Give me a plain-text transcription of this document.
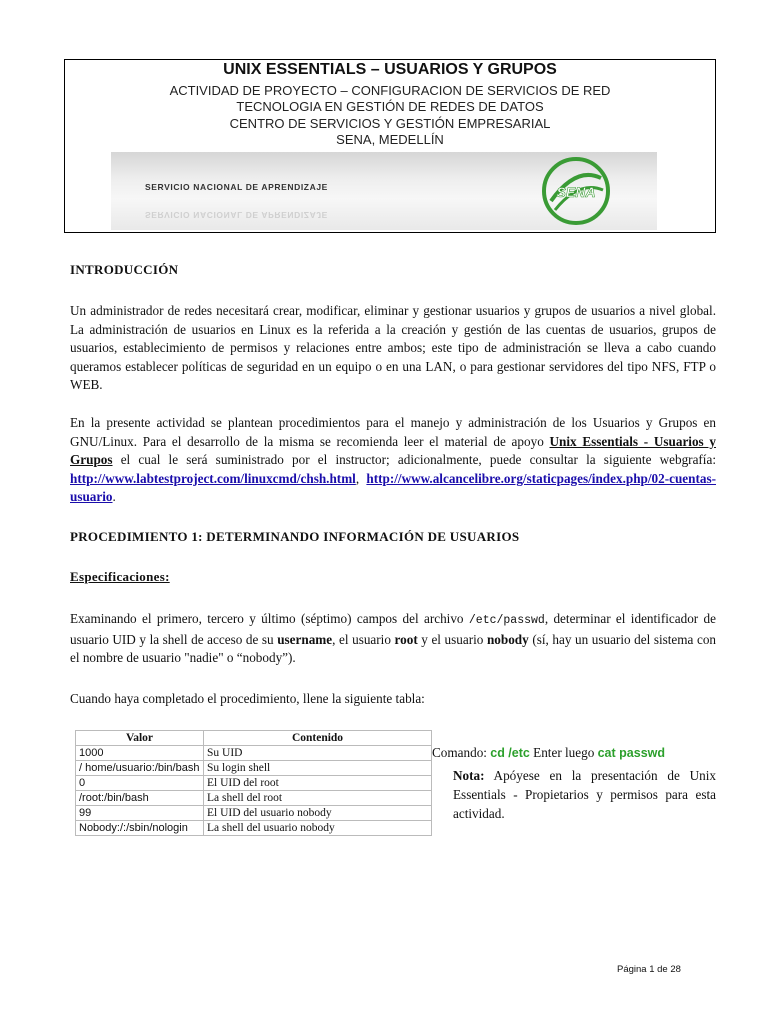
UNIX ESSENTIALS – USUARIOS Y GRUPOS
ACTIVIDAD DE PROYECTO – CONFIGURACION DE SERVICIOS DE RED
TECNOLOGIA EN GESTIÓN DE REDES DE DATOS
CENTRO DE SERVICIOS Y GESTIÓN EMPRESARIAL
SENA, MEDELLÍN
SERVICIO NACIONAL DE APRENDIZAJE
SERVICIO NACIONAL DE APRENDIZAJE
SENA
INTRODUCCIÓN

Un administrador de redes necesitará crear, modificar, eliminar y gestionar usuarios y grupos de usuarios a nivel global. La administración de usuarios en Linux es la referida a la creación y gestión de las cuentas de usuarios, grupos de usuarios, establecimiento de permisos y relaciones entre ambos; este tipo de administración se lleva a cabo cuando queramos establecer políticas de seguridad en un equipo o en una LAN, o para gestionar servidores del tipo NFS, FTP o WEB.

En la presente actividad se plantean procedimientos para el manejo y administración de los Usuarios y Grupos en GNU/Linux. Para el desarrollo de la misma se recomienda leer el material de apoyo Unix Essentials - Usuarios y Grupos el cual le será suministrado por el instructor; adicionalmente, puede consultar la siguiente webgrafía: http://www.labtestproject.com/linuxcmd/chsh.html, http://www.alcancelibre.org/staticpages/index.php/02-cuentas-usuario.

PROCEDIMIENTO 1: DETERMINANDO INFORMACIÓN DE USUARIOS
Especificaciones:

Examinando el primero, tercero y último (séptimo) campos del archivo /etc/passwd, determinar el identificador de usuario UID y la shell de acceso de su username, el usuario root y el usuario nobody (sí, hay un usuario del sistema con el nombre de usuario "nadie" o “nobody”).

Cuando haya completado el procedimiento, llene la siguiente tabla:

Valor	Contenido
1000	Su UID
/ home/usuario:/bin/bash	Su login shell
0	El UID del root
/root:/bin/bash	La shell del root
99	El UID del usuario nobody
Nobody:/:/sbin/nologin	La shell del usuario nobody
Comando: cd /etc Enter luego cat passwd
Nota: Apóyese en la presentación de Unix Essentials - Propietarios y permisos para esta actividad.
Página 1 de 28
